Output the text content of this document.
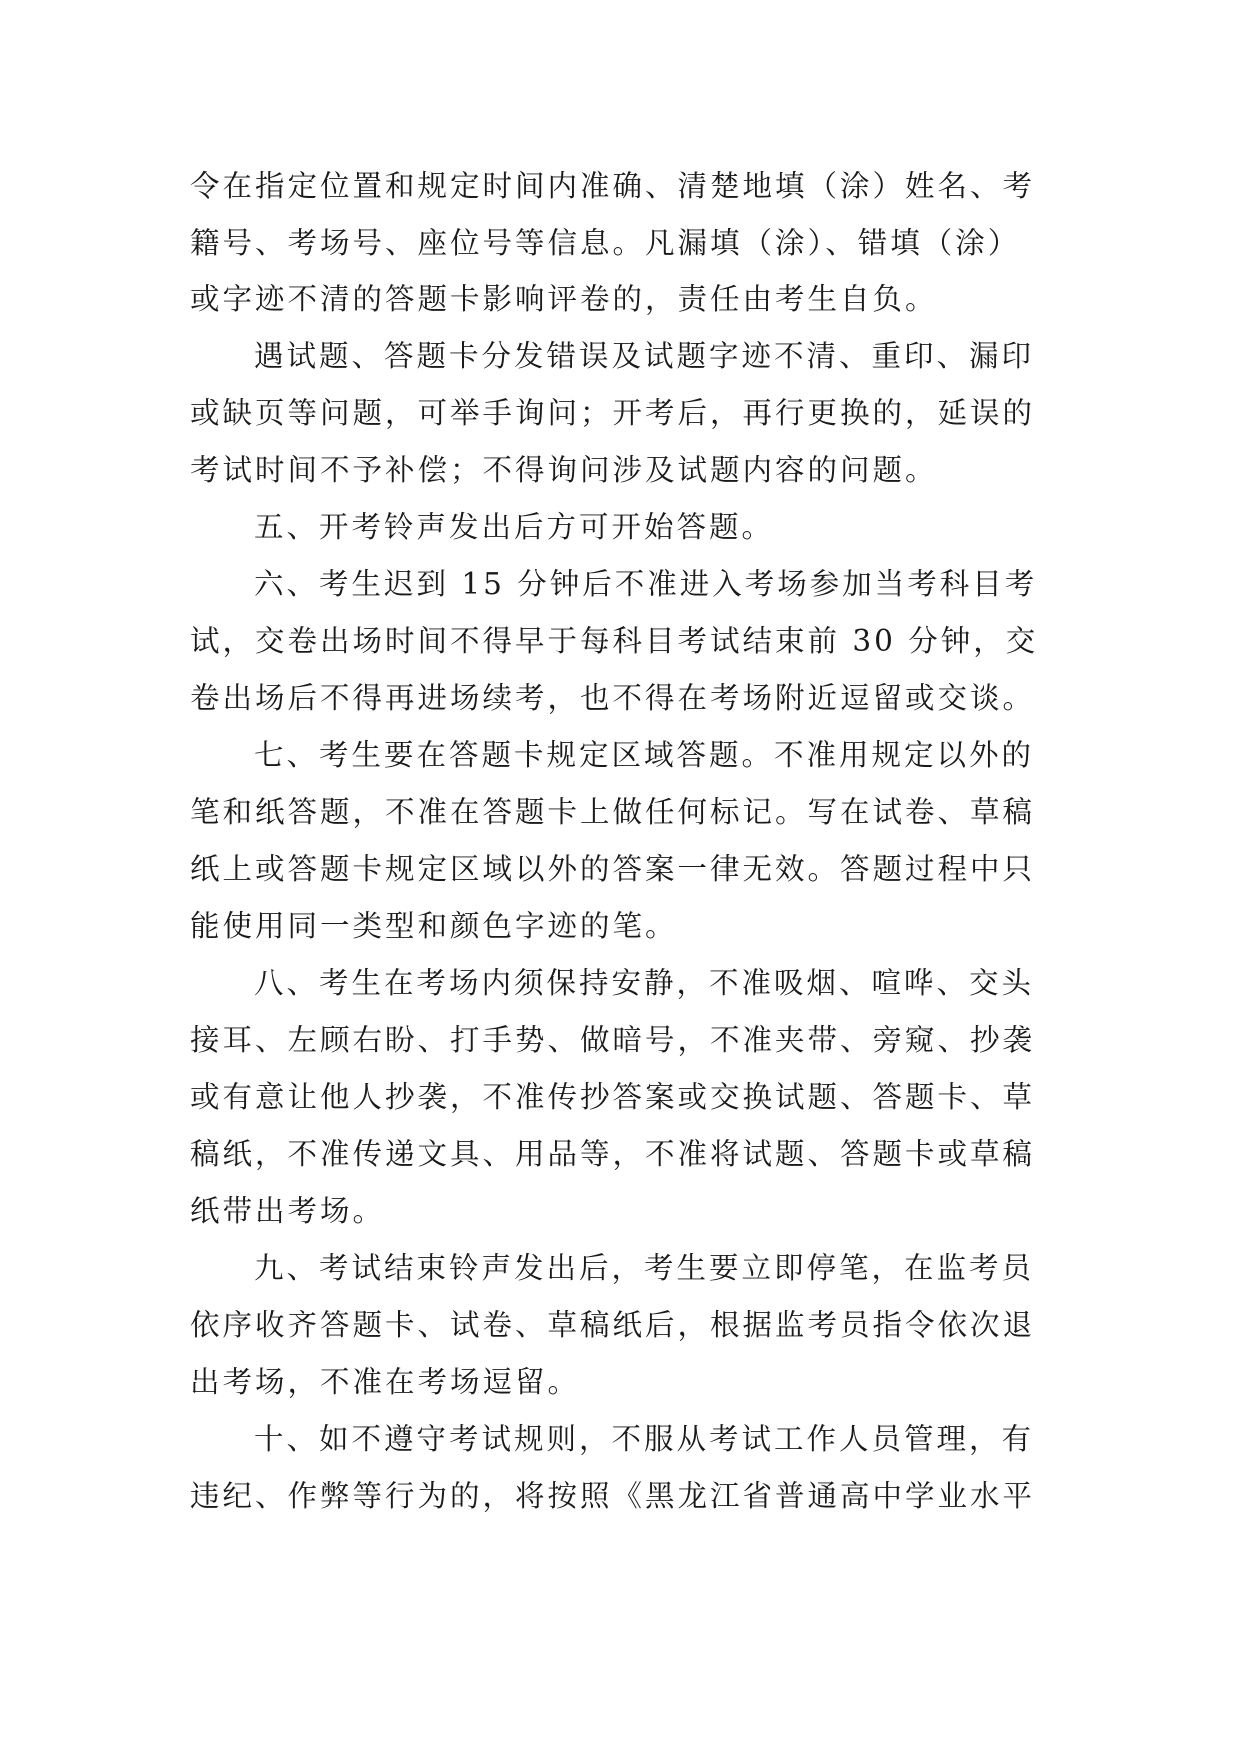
令在指定位置和规定时间内准确、清楚地填（涂）姓名、考
籍号、考场号、座位号等信息。凡漏填（涂）、错填（涂）
或字迹不清的答题卡影响评卷的，责任由考生自负。
遇试题、答题卡分发错误及试题字迹不清、重印、漏印
或缺页等问题，可举手询问；开考后，再行更换的，延误的
考试时间不予补偿；不得询问涉及试题内容的问题。
五、开考铃声发出后方可开始答题。
六、考生迟到 15 分钟后不准进入考场参加当考科目考
试，交卷出场时间不得早于每科目考试结束前 30 分钟，交
卷出场后不得再进场续考，也不得在考场附近逗留或交谈。
七、考生要在答题卡规定区域答题。不准用规定以外的
笔和纸答题，不准在答题卡上做任何标记。写在试卷、草稿
纸上或答题卡规定区域以外的答案一律无效。答题过程中只
能使用同一类型和颜色字迹的笔。
八、考生在考场内须保持安静，不准吸烟、喧哗、交头
接耳、左顾右盼、打手势、做暗号，不准夹带、旁窥、抄袭
或有意让他人抄袭，不准传抄答案或交换试题、答题卡、草
稿纸，不准传递文具、用品等，不准将试题、答题卡或草稿
纸带出考场。
九、考试结束铃声发出后，考生要立即停笔，在监考员
依序收齐答题卡、试卷、草稿纸后，根据监考员指令依次退
出考场，不准在考场逗留。
十、如不遵守考试规则，不服从考试工作人员管理，有
违纪、作弊等行为的，将按照《黑龙江省普通高中学业水平
